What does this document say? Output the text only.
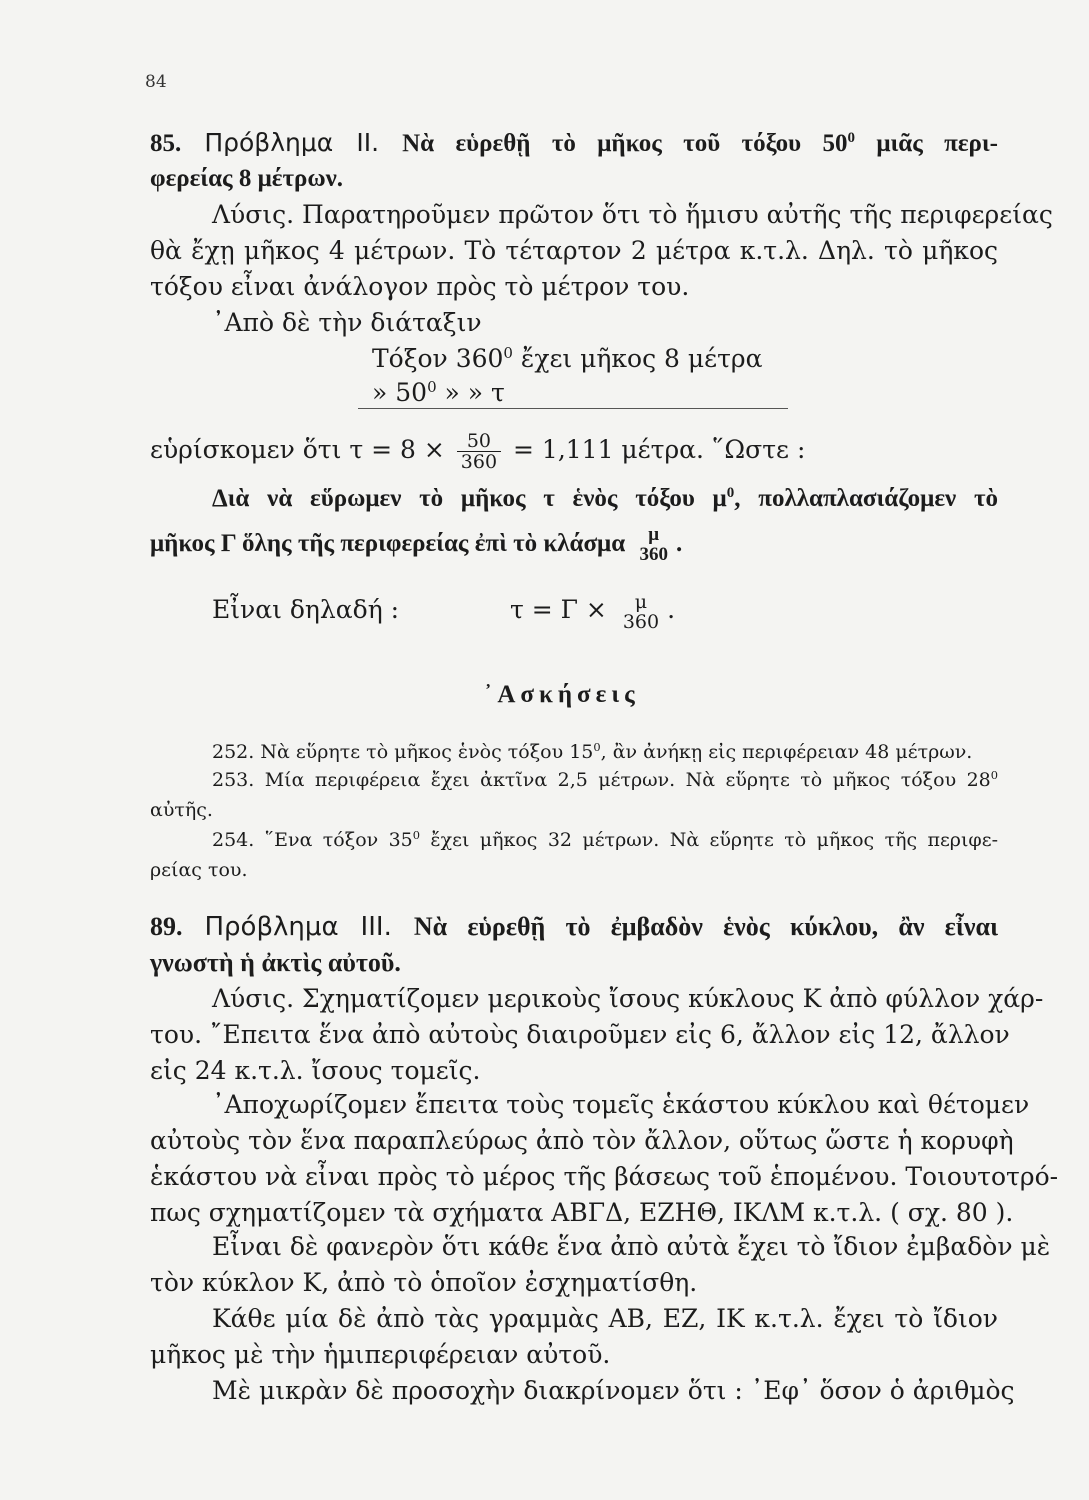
84
85. Πρόβλημα II. Νὰ εὑρεθῇ τὸ μῆκος τοῦ τόξου $50^0$ μιᾶς περι-
φερείας 8 μέτρων.
Λύσις. Παρατηροῦμεν πρῶτον ὅτι τὸ ἥμισυ αὐτῆς τῆς περιφερείας
θὰ ἔχῃ μῆκος 4 μέτρων. Τὸ τέταρτον 2 μέτρα κ.τ.λ. Δηλ. τὸ μῆκος
τόξου εἶναι ἀνάλογον πρὸς τὸ μέτρον του.
᾿Απὸ δὲ τὴν διάταξιν
Τόξον $360^0$ ἔχει μῆκος 8 μέτρα
» $50^0$ » » τ
εὑρίσκομεν ὅτι $\tau = 8 \times \frac{50}{360} = 1,111$ μέτρα. ῞Ωστε :
Διὰ νὰ εὕρωμεν τὸ μῆκος τ ἑνὸς τόξου $\mu^0$, πολλαπλασιάζομεν τὸ
μῆκος Γ ὅλης τῆς περιφερείας ἐπὶ τὸ κλάσμα	μ
360 .
Εἶναι δηλαδή :	τ = Γ ×	μ
360 .
᾿Ασκήσεις
252. Νὰ εὕρητε τὸ μῆκος ἑνὸς τόξου $15^0$, ἂν ἀνήκῃ εἰς περιφέρειαν 48 μέτρων.
253. Μία περιφέρεια ἔχει ἀκτῖνα 2,5 μέτρων. Νὰ εὕρητε τὸ μῆκος τόξου $28^0$
αὐτῆς.
254. ῞Ενα τόξον $35^0$ ἔχει μῆκος 32 μέτρων. Νὰ εὕρητε τὸ μῆκος τῆς περιφε-
ρείας του.
89. Πρόβλημα III. Νὰ εὑρεθῇ τὸ ἐμβαδὸν ἑνὸς κύκλου, ἂν εἶναι
γνωστὴ ἡ ἀκτὶς αὐτοῦ.
Λύσις. Σχηματίζομεν μερικοὺς ἴσους κύκλους Κ ἀπὸ φύλλον χάρ-
του. ῎Επειτα ἕνα ἀπὸ αὐτοὺς διαιροῦμεν εἰς 6, ἄλλον εἰς 12, ἄλλον
εἰς 24 κ.τ.λ. ἴσους τομεῖς.
᾿Αποχωρίζομεν ἔπειτα τοὺς τομεῖς ἑκάστου κύκλου καὶ θέτομεν
αὐτοὺς τὸν ἕνα παραπλεύρως ἀπὸ τὸν ἄλλον, οὕτως ὥστε ἡ κορυφὴ
ἑκάστου νὰ εἶναι πρὸς τὸ μέρος τῆς βάσεως τοῦ ἑπομένου. Τοιουτοτρό-
πως σχηματίζομεν τὰ σχήματα ΑΒΓΔ, ΕΖΗΘ, ΙΚΛΜ κ.τ.λ. ( σχ. 80 ).
Εἶναι δὲ φανερὸν ὅτι κάθε ἕνα ἀπὸ αὐτὰ ἔχει τὸ ἴδιον ἐμβαδὸν μὲ
τὸν κύκλον Κ, ἀπὸ τὸ ὁποῖον ἐσχηματίσθη.
Κάθε μία δὲ ἀπὸ τὰς γραμμὰς ΑΒ, ΕΖ, ΙΚ κ.τ.λ. ἔχει τὸ ἴδιον
μῆκος μὲ τὴν ἡμιπεριφέρειαν αὐτοῦ.
Μὲ μικρὰν δὲ προσοχὴν διακρίνομεν ὅτι : ᾿Εφ᾿ ὅσον ὁ ἀριθμὸς
